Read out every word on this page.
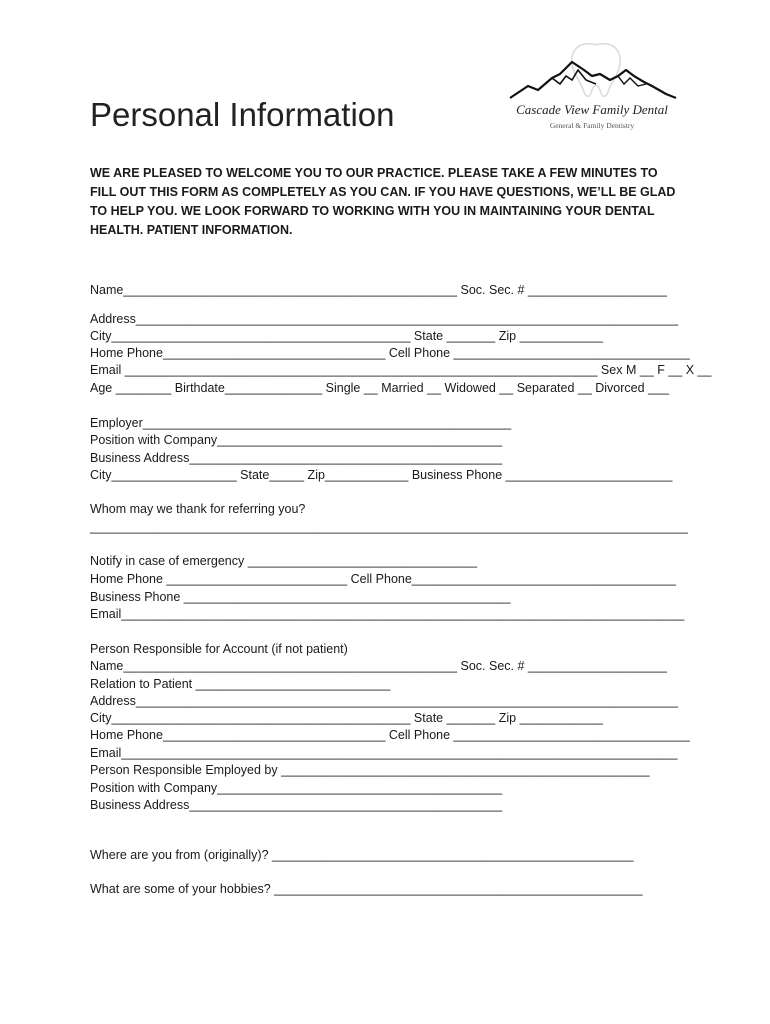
Personal Information	Cascade View Family Dental
General & Family Dentistry

WE ARE PLEASED TO WELCOME YOU TO OUR PRACTICE. PLEASE TAKE A FEW MINUTES TO FILL OUT THIS FORM AS COMPLETELY AS YOU CAN. IF YOU HAVE QUESTIONS, WE’LL BE GLAD TO HELP YOU. WE LOOK FORWARD TO WORKING WITH YOU IN MAINTAINING YOUR DENTAL HEALTH. PATIENT INFORMATION.

Name________________________________________________ Soc. Sec. # ____________________

Address______________________________________________________________________________

City___________________________________________ State _______ Zip ____________

Home Phone________________________________ Cell Phone __________________________________

Email ____________________________________________________________________ Sex M __ F __ X __

Age ________ Birthdate______________ Single __ Married __ Widowed __ Separated __ Divorced ___

Employer_____________________________________________________

Position with Company_________________________________________

Business Address_____________________________________________

City__________________ State_____ Zip____________ Business Phone ________________________

Whom may we thank for referring you?

______________________________________________________________________________________

Notify in case of emergency _________________________________

Home Phone __________________________ Cell Phone______________________________________

Business Phone _______________________________________________

Email_________________________________________________________________________________

Person Responsible for Account (if not patient)

Name________________________________________________ Soc. Sec. # ____________________

Relation to Patient ____________________________

Address______________________________________________________________________________

City___________________________________________ State _______ Zip ____________

Home Phone________________________________ Cell Phone __________________________________

Email________________________________________________________________________________

Person Responsible Employed by _____________________________________________________

Position with Company_________________________________________

Business Address_____________________________________________

Where are you from (originally)? ____________________________________________________

What are some of your hobbies? _____________________________________________________
